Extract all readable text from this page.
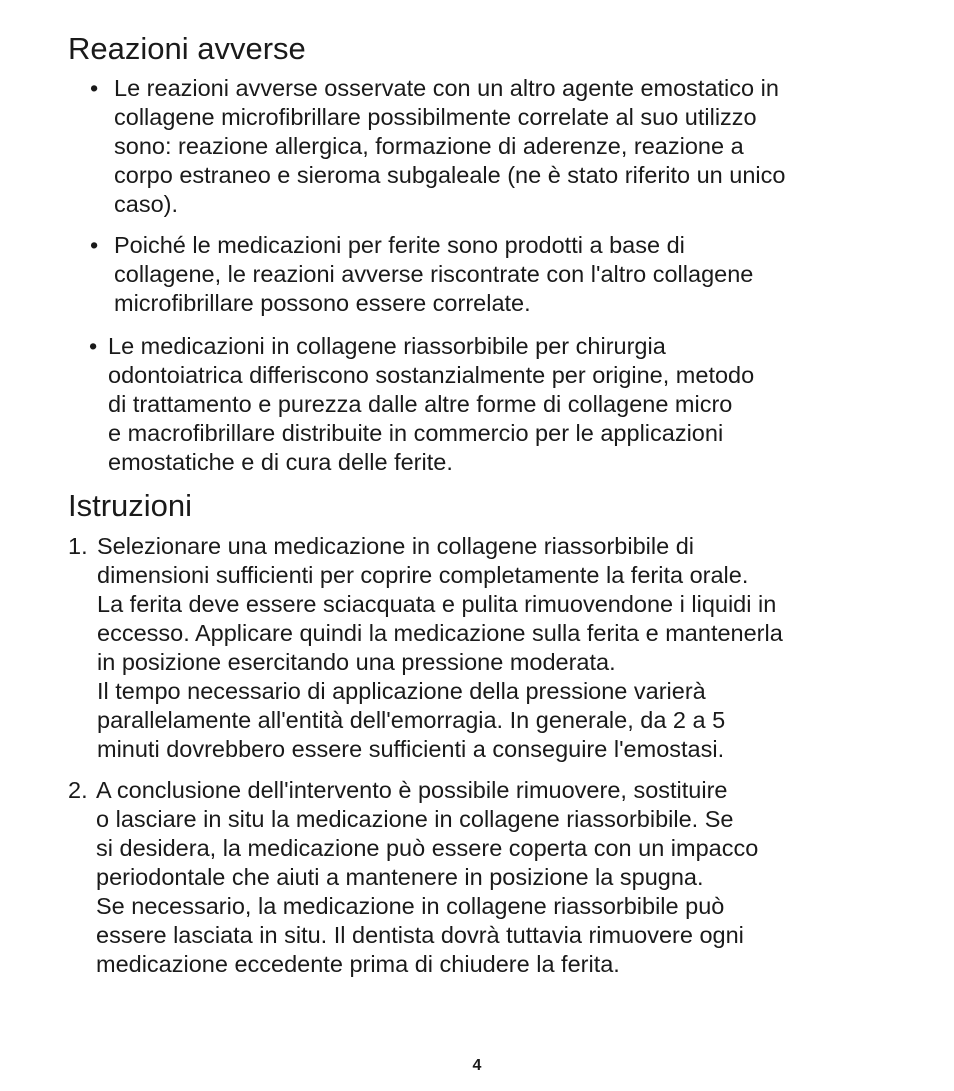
Reazioni avverse
• Le reazioni avverse osservate con un altro agente emostatico in
collagene microfibrillare possibilmente correlate al suo utilizzo
sono: reazione allergica, formazione di aderenze, reazione a
corpo estraneo e sieroma subgaleale (ne è stato riferito un unico
caso).
• Poiché le medicazioni per ferite sono prodotti a base di
collagene, le reazioni avverse riscontrate con l'altro collagene
microfibrillare possono essere correlate.
• Le medicazioni in collagene riassorbibile per chirurgia
odontoiatrica differiscono sostanzialmente per origine, metodo
di trattamento e purezza dalle altre forme di collagene micro
e macrofibrillare distribuite in commercio per le applicazioni
emostatiche e di cura delle ferite.
Istruzioni
1. Selezionare una medicazione in collagene riassorbibile di
dimensioni sufficienti per coprire completamente la ferita orale.
La ferita deve essere sciacquata e pulita rimuovendone i liquidi in
eccesso. Applicare quindi la medicazione sulla ferita e mantenerla
in posizione esercitando una pressione moderata.
Il tempo necessario di applicazione della pressione varierà
parallelamente all'entità dell'emorragia. In generale, da 2 a 5
minuti dovrebbero essere sufficienti a conseguire l'emostasi.
2. A conclusione dell'intervento è possibile rimuovere, sostituire
o lasciare in situ la medicazione in collagene riassorbibile. Se
si desidera, la medicazione può essere coperta con un impacco
periodontale che aiuti a mantenere in posizione la spugna.
Se necessario, la medicazione in collagene riassorbibile può
essere lasciata in situ. Il dentista dovrà tuttavia rimuovere ogni
medicazione eccedente prima di chiudere la ferita.
4
